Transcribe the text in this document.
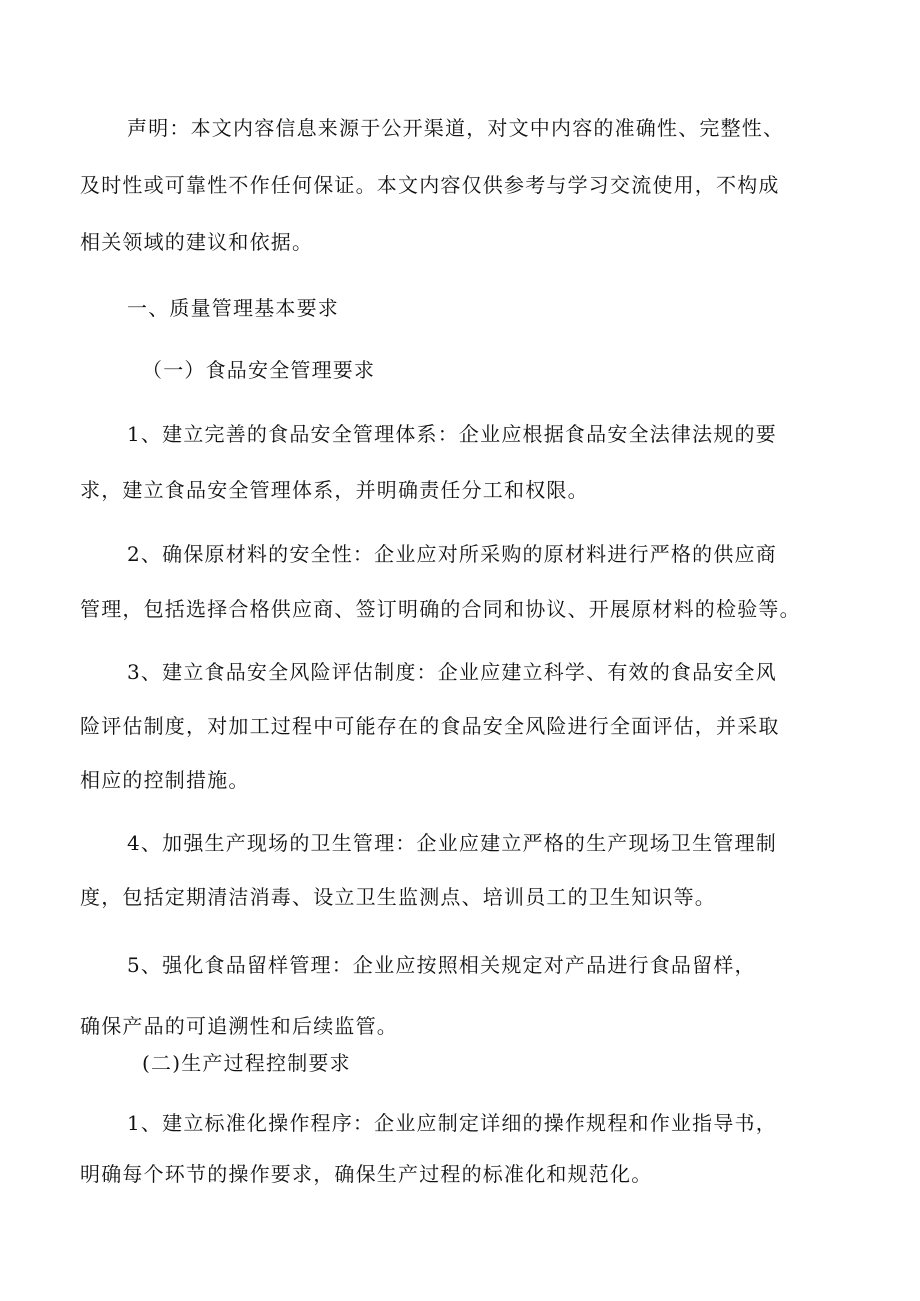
声明：本文内容信息来源于公开渠道，对文中内容的准确性、完整性、
及时性或可靠性不作任何保证。本文内容仅供参考与学习交流使用，不构成
相关领域的建议和依据。
一、质量管理基本要求
（一）食品安全管理要求
1、建立完善的食品安全管理体系：企业应根据食品安全法律法规的要
求，建立食品安全管理体系，并明确责任分工和权限。
2、确保原材料的安全性：企业应对所采购的原材料进行严格的供应商
管理，包括选择合格供应商、签订明确的合同和协议、开展原材料的检验等。
3、建立食品安全风险评估制度：企业应建立科学、有效的食品安全风
险评估制度，对加工过程中可能存在的食品安全风险进行全面评估，并采取
相应的控制措施。
4、加强生产现场的卫生管理：企业应建立严格的生产现场卫生管理制
度，包括定期清洁消毒、设立卫生监测点、培训员工的卫生知识等。
5、强化食品留样管理：企业应按照相关规定对产品进行食品留样，
确保产品的可追溯性和后续监管。
(二)生产过程控制要求
1、建立标准化操作程序：企业应制定详细的操作规程和作业指导书，
明确每个环节的操作要求，确保生产过程的标准化和规范化。
